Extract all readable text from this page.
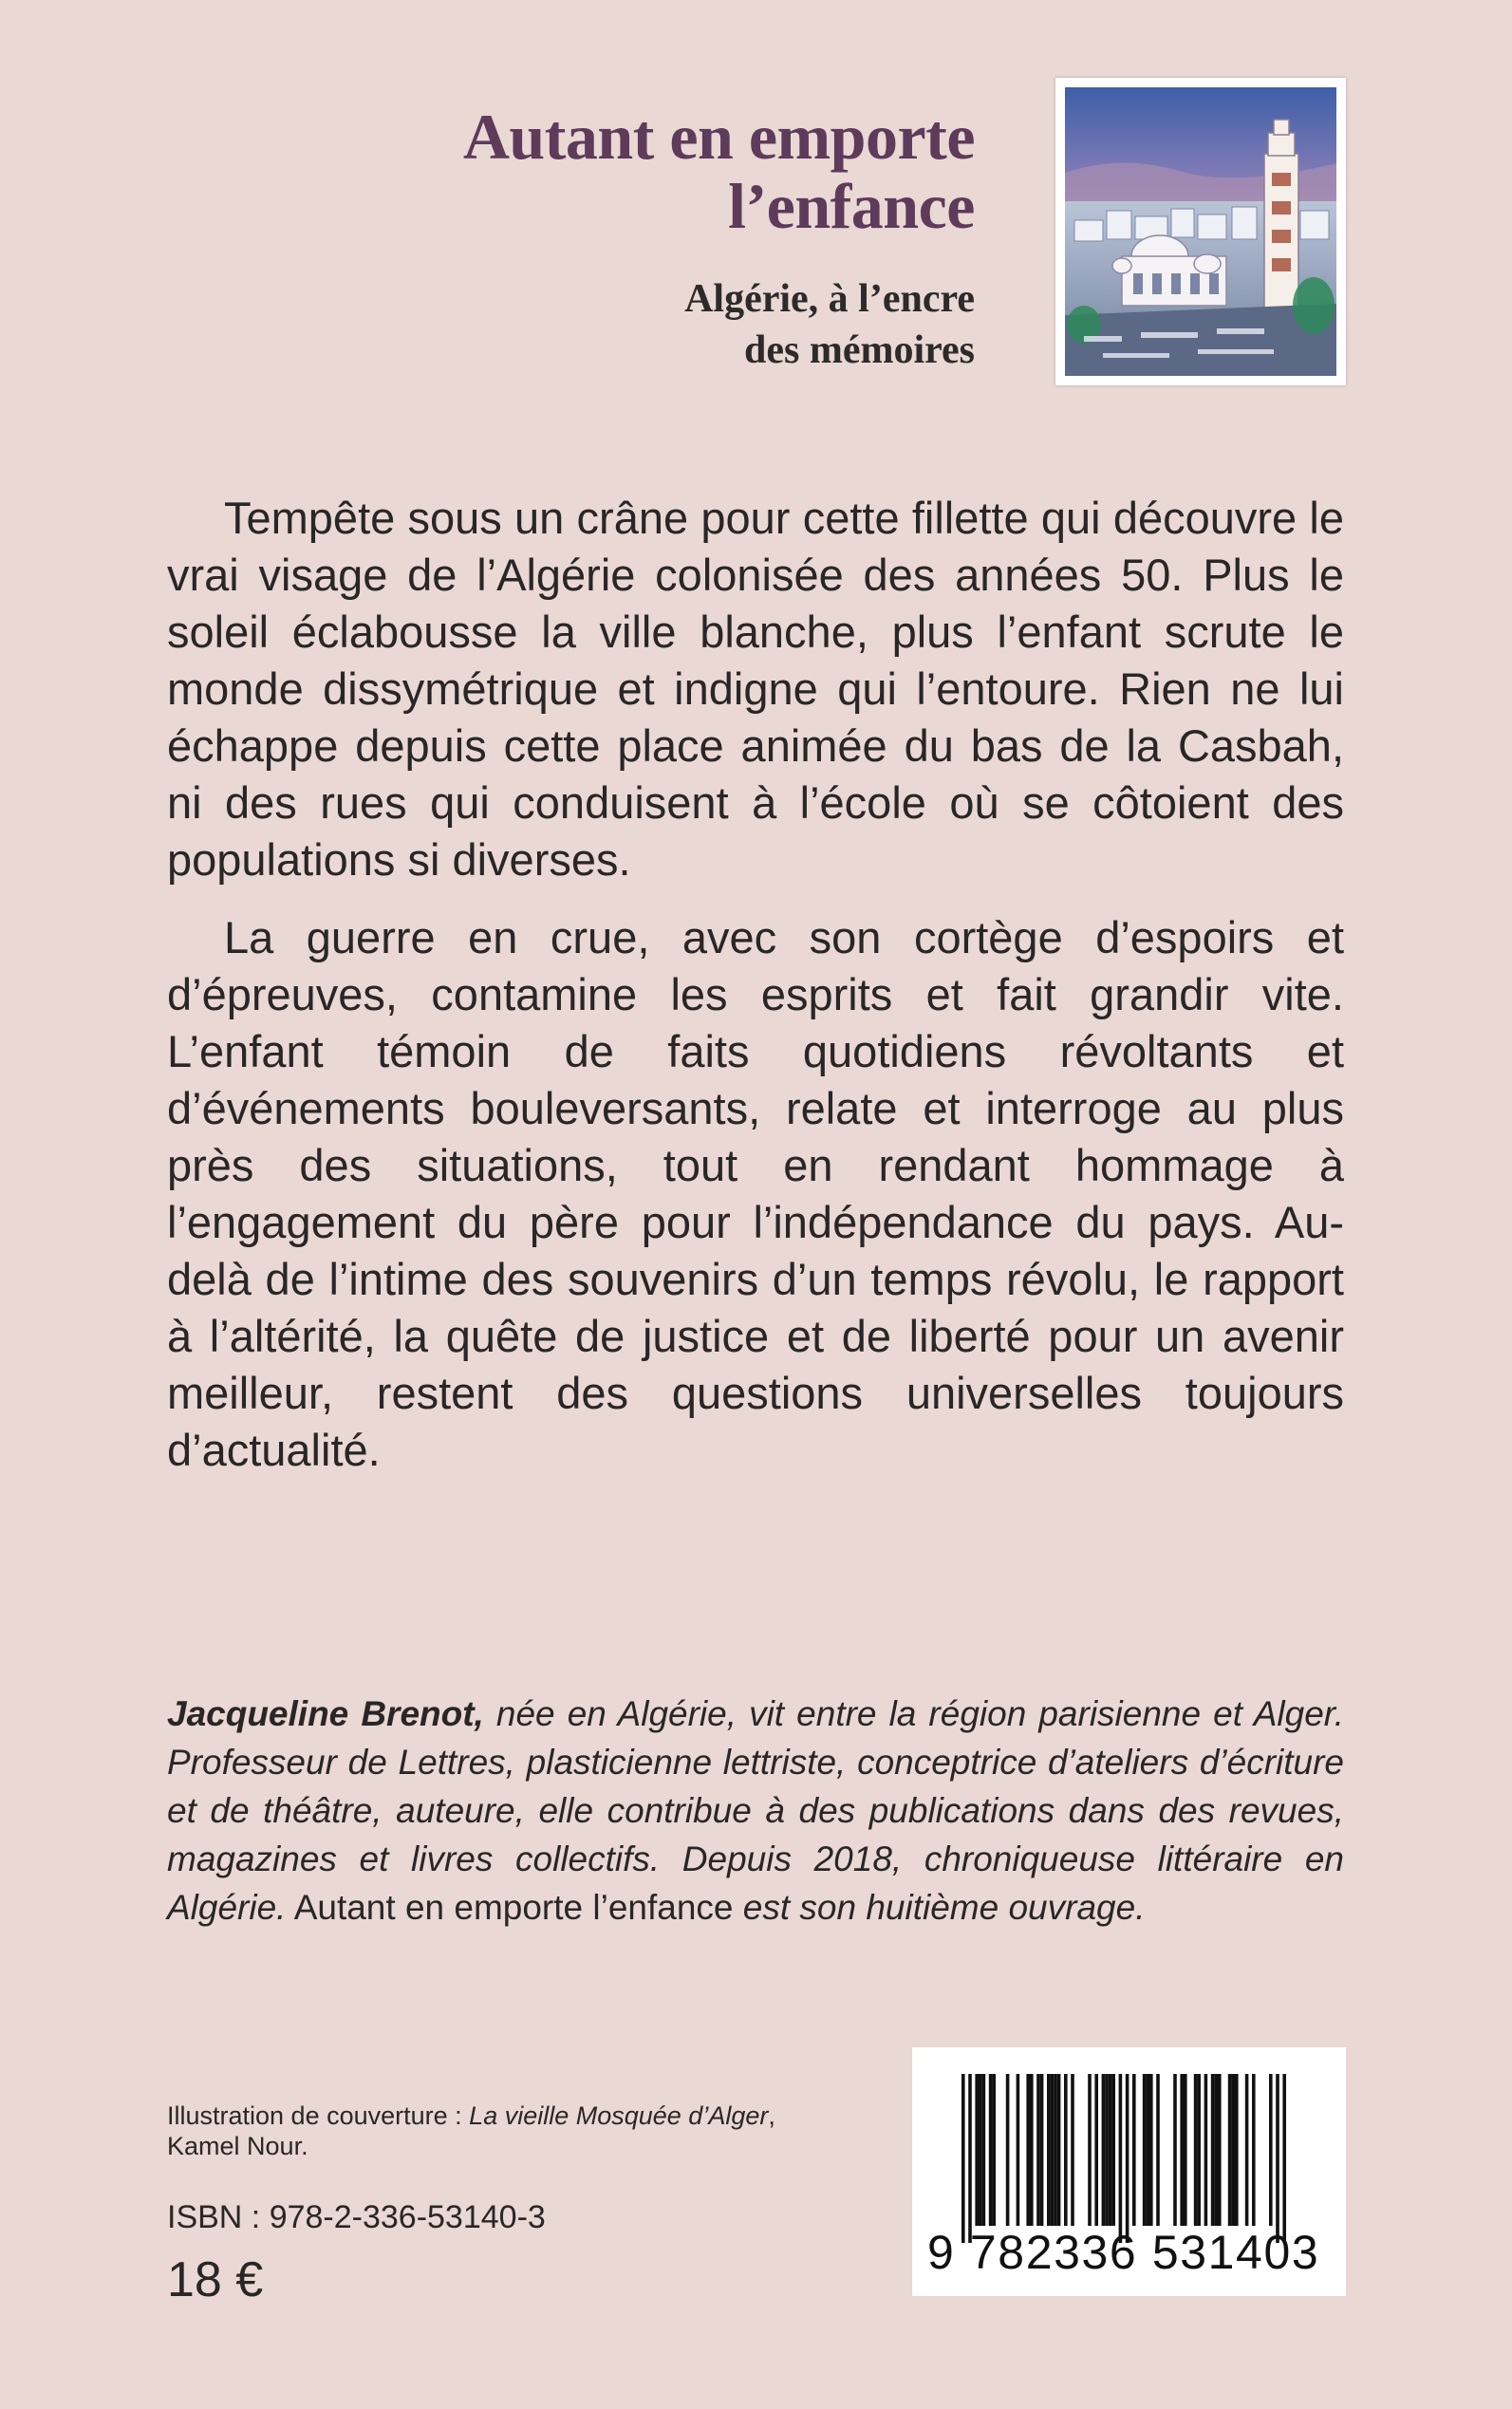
Autant en emporte
l’enfance
Algérie, à l’encre
des mémoires

Tempête sous un crâne pour cette fillette qui découvre le vrai visage de l’Algérie colonisée des années 50. Plus le soleil éclabousse la ville blanche, plus l’enfant scrute le monde dissymétrique et indigne qui l’entoure. Rien ne lui échappe depuis cette place animée du bas de la Casbah, ni des rues qui conduisent à l’école où se côtoient des populations si diverses.

La guerre en crue, avec son cortège d’espoirs et d’épreuves, contamine les esprits et fait grandir vite. L’enfant témoin de faits quotidiens révoltants et d’événements bouleversants, relate et interroge au plus près des situations, tout en rendant hommage à l’engagement du père pour l’indépendance du pays. Au-delà de l’intime des souvenirs d’un temps révolu, le rapport à l’altérité, la quête de justice et de liberté pour un avenir meilleur, restent des questions universelles toujours d’actualité.

Jacqueline Brenot, née en Algérie, vit entre la région parisienne et Alger. Professeur de Lettres, plasticienne lettriste, conceptrice d’ateliers d’écriture et de théâtre, auteure, elle contribue à des publications dans des revues, magazines et livres collectifs. Depuis 2018, chroniqueuse littéraire en Algérie. Autant en emporte l’enfance est son huitième ouvrage.

Illustration de couverture : La vieille Mosquée d’Alger,
Kamel Nour.

ISBN : 978-2-336-53140-3
18 €	9 782336 531403
